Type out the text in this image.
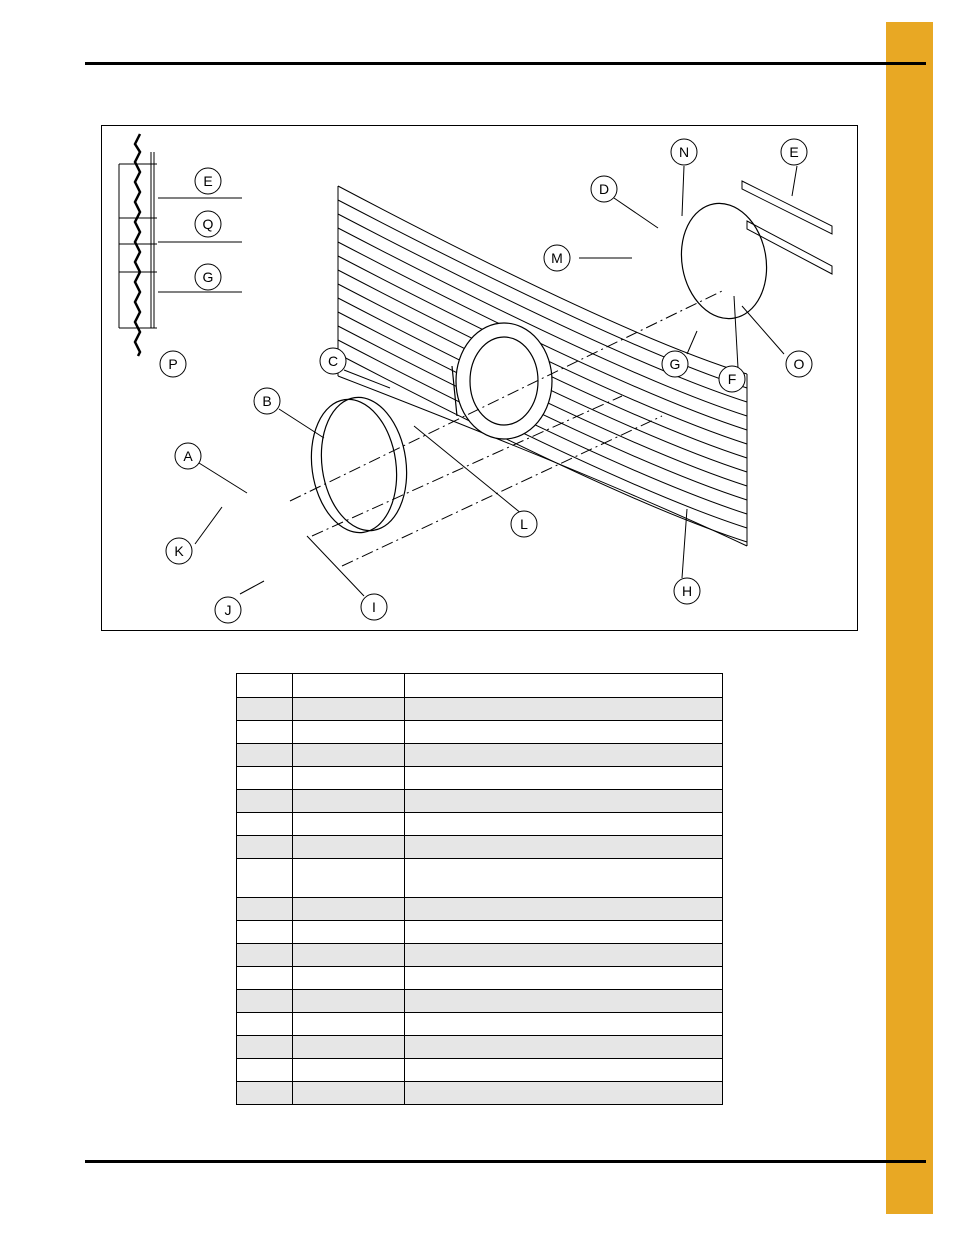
E
Q
G
P
A
B
C
D
E
F
G
H
I
J
K
L
M
N
O
